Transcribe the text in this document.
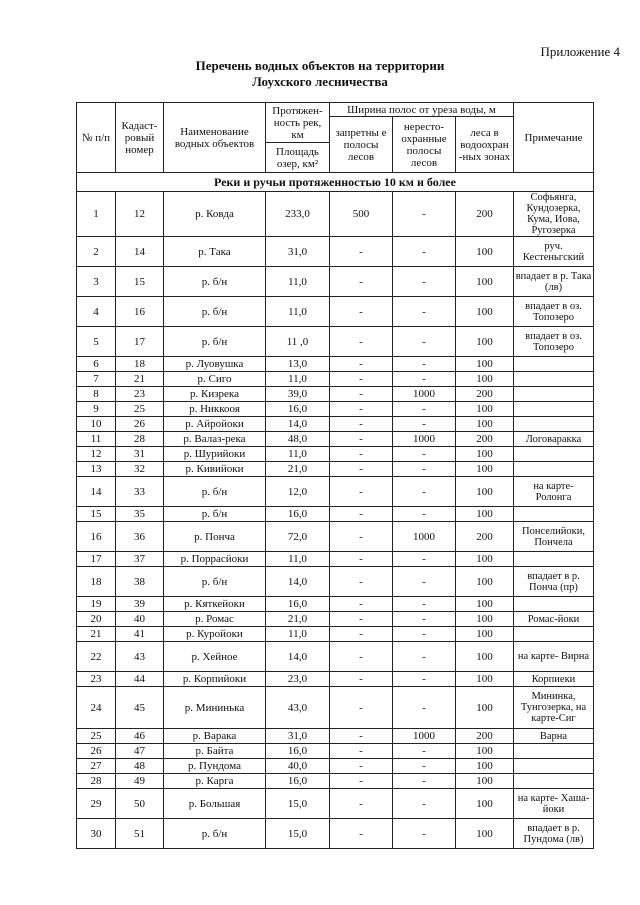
Приложение 4
Перечень водных объектов на территории
Лоухского лесничества
№ п/п	Кадаст-ровый номер	Наименование водных объектов	Протяжен-ность рек, км	Ширина полос от уреза воды, м			Примечание
				запретны е полосы лесов	нересто-охранные полосы лесов	леса в водоохран -ных зонах	
			Площадь озер, км²				
Реки и ручьи протяженностью 10 км и более							
1	12	р. Ковда	233,0	500	-	200	Софьянга, Кундозерка, Кума, Иова, Ругозерка
2	14	р. Така	31,0	-	-	100	руч. Кестеньгский
3	15	р. б/н	11,0	-	-	100	впадает в р. Така (лв)
4	16	р. б/н	11,0	-	-	100	впадает в оз. Топозеро
5	17	р. б/н	11 ,0	-	-	100	впадает в оз. Топозеро
6	18	р. Луовушка	13,0	-	-	100	
7	21	р. Сиго	11,0	-	-	100	
8	23	р. Кизрека	39,0	-	1000	200	
9	25	р. Никкооя	16,0	-	-	100	
10	26	р. Айройоки	14,0	-	-	100	
11	28	р. Валаз-река	48,0	-	1000	200	Логоваракка
12	31	р. Шурийоки	11,0	-	-	100	
13	32	р. Кивийоки	21,0	-	-	100	
14	33	р. б/н	12,0	-	-	100	на карте- Ролонга
15	35	р. б/н	16,0	-	-	100	
16	36	р. Понча	72,0	-	1000	200	Понселийоки, Пончела
17	37	р. Поррасйоки	11,0	-	-	100	
18	38	р. б/н	14,0	-	-	100	впадает в р. Понча (пр)
19	39	р. Кяткейоки	16,0	-	-	100	
20	40	р. Ромас	21,0	-	-	100	Ромас-йоки
21	41	р. Куройоки	11,0	-	-	100	
22	43	р. Хейное	14,0	-	-	100	на карте- Вирна
23	44	р. Корпийоки	23,0	-	-	100	Корпиеки
24	45	р. Мининька	43,0	-	-	100	Мининка, Тунгозерка, на карте-Сиг
25	46	р. Варака	31,0	-	1000	200	Варна
26	47	р. Байта	16,0	-	-	100	
27	48	р. Пундома	40,0	-	-	100	
28	49	р. Карга	16,0	-	-	100	
29	50	р. Большая	15,0	-	-	100	на карте- Хаша-йоки
30	51	р. б/н	15,0	-	-	100	впадает в р. Пундома (лв)
